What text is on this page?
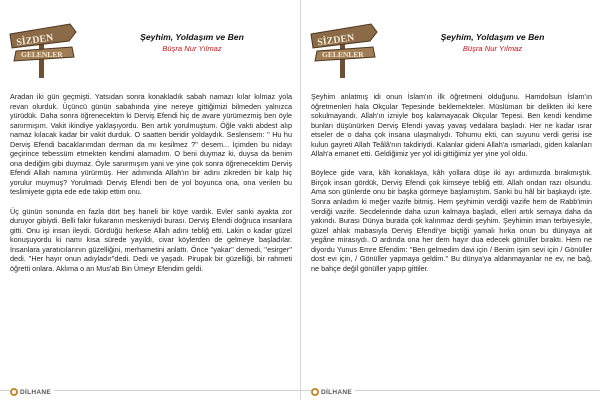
SİZDEN
GELENLER
Şeyhim, Yoldaşım ve Ben
Büşra Nur Yılmaz

Aradan iki gün geçmişti. Yatsıdan sonra konakladık sabah namazı kılar kılmaz yola revan olurduk. Üçüncü günün sabahında yine nereye gittiğimizi bilmeden yalnızca yürüdük. Daha sonra öğrenecektim ki Derviş Efendi hiç de avare yürümezmiş ben öyle sanırmışım. Vakit ikindiye yaklaşıyordu. Ben artık yorulmuştum. Öğle vakti abdest alıp namaz kılacak kadar bir vakit durduk. O saatten beridir yoldaydık. Seslensem: '' Hu hu Derviş Efendi bacaklarımdan derman da mı kesilmez ?'' desem... İçimden bu nidayı geçirince tebessüm etmekten kendimi alamadım. O beni duymaz ki, duysa da benim ona dediğim gibi duymaz. Öyle sanırmışım yani ve yine çok sonra öğrenecektim Derviş Efendi Allah namına yürürmüş. Her adımında Allah'ın bir adını zikreden bir kalp hiç yorulur muymuş? Yorulmadı Derviş Efendi ben de yol boyunca ona, ona verilen bu teslimiyete gıpta ede ede takip ettim onu.

Üç günün sonunda en fazla dört beş haneli bir köye vardık. Evler sanki ayakta zor duruyor gibiydi. Belli fakir fukaranın meskeniydi burası. Derviş Efendi doğruca insanlara gitti. Onu işi insan ileydi. Gördüğü herkese Allah adını tebliğ etti. Lakin o kadar güzel konuşuyordu ki namı kısa sürede yayıldı, civar köylerden de gelmeye başladılar. İnsanlara yaratıcılarının güzelliğini, merhametini anlattı. Önce ''yakar'' demedi, ''esirger'' dedi. ''Her hayır onun adıyladır''dedi. Dedi ve yaşadı. Pirupak bir güzelliği, bir rahmeti öğretti onlara. Aklıma o an Mus'ab Bin Ümeyr Efendim geldi.

DİLHANE
SİZDEN
GELENLER
Şeyhim, Yoldaşım ve Ben
Büşra Nur Yılmaz

Şeyhim anlatmış idi onun İslam'ın ilk öğretmeni olduğunu. Hamdolsun İslam'ın öğretmenleri hala Okçular Tepesinde beklemekteler. Müslüman bir delikten iki kere sokulmayandı. Allah'ın izniyle boş kalamayacak Okçular Tepesi. Ben kendi kendime bunları düşünürken Derviş Efendi yavaş yavaş vedalara başladı. Her ne kadar ısrar etseler de o daha çok insana ulaşmalıydı. Tohumu ekti, can suyunu verdi gerisi ise kulun gayreti Allah Teâlâ'nın takdiriydi. Kalanlar gideni Allah'a ısmarladı, giden kalanları Allah'a emanet etti. Geldiğimiz yer yol idi gittiğimiz yer yine yol oldu.

Böylece gide vara, kâh konaklaya, kâh yollara düşe iki ayı ardımızda bırakmıştık. Birçok insan gördük, Derviş Efendi çok kimseye tebliğ etti. Allah ondan razı olsundu. Ama son günlerde onu bir başka görmeye başlamıştım. Sanki bu hâl bir başkaydı işte. Sonra anladım ki meğer vazife bitmiş. Hem şeyhimin verdiği vazife hem de Rabb'imin verdiği vazife. Secdelerinde daha uzun kalmaya başladı, elleri artık semaya daha da yakındı. Burası Dünya burada çok kalınmaz derdi şeyhim. Şeyhimin iman terbiyesiyle, güzel ahlak mabasıyla Derviş Efendi'ye biçtiği yamalı hırka onun bu dünyaya ait yegâne mirasıydı. O ardında ona her dem hayır dua edecek gönüller bıraktı. Hem ne diyordu Yunus Emre Efendim: ''Ben gelmedim davi için / Benim işim sevi için / Gönüller dost evi için, / Gönüller yapmaya geldim.'' Bu dünya'ya aldanmayanlar ne ev, ne bağ, ne bahçe değil gönüller yapıp gittiler.

DİLHANE
